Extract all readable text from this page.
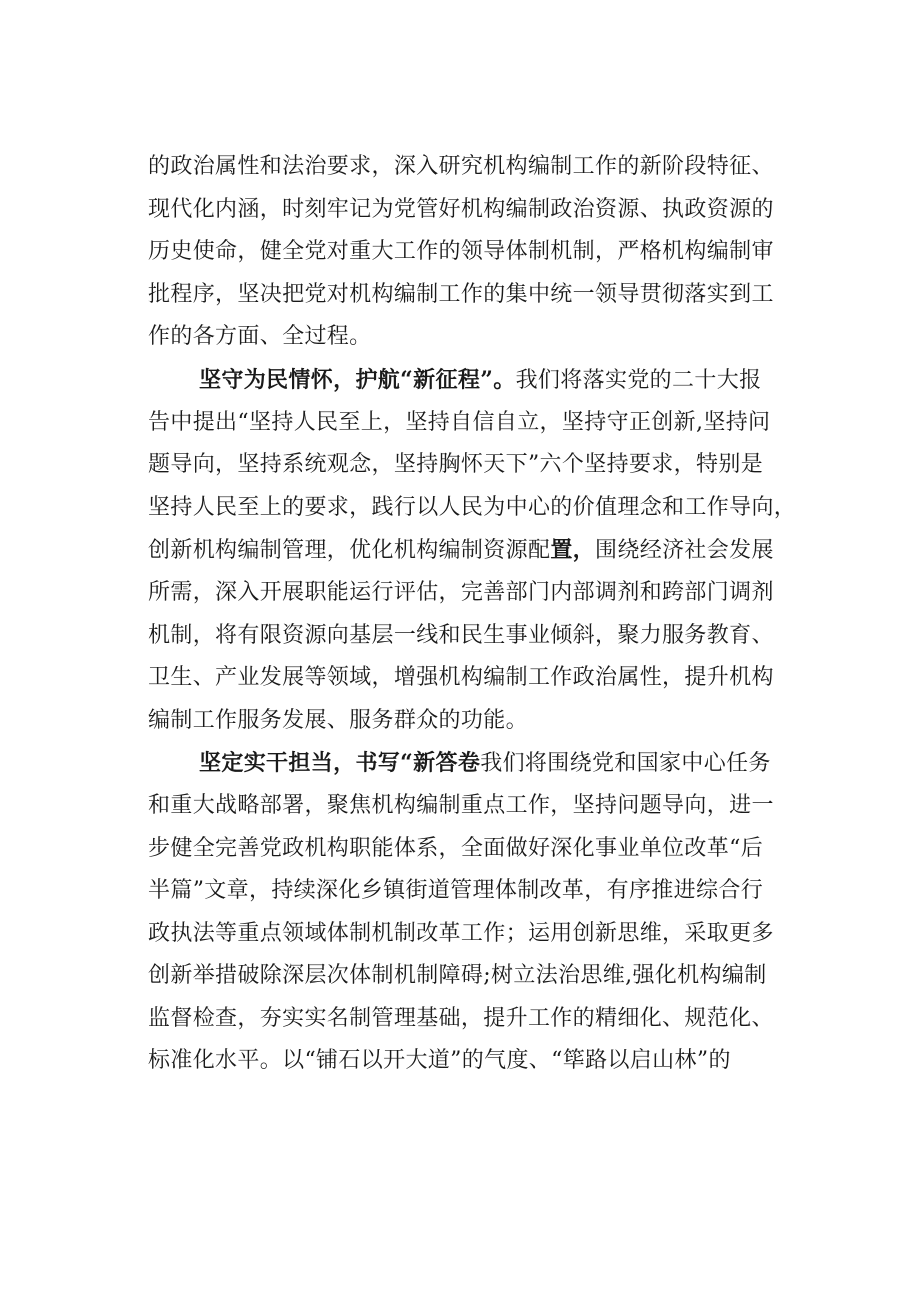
的政治属性和法治要求，深入研究机构编制工作的新阶段特征、
现代化内涵，时刻牢记为党管好机构编制政治资源、执政资源的
历史使命，健全党对重大工作的领导体制机制，严格机构编制审
批程序，坚决把党对机构编制工作的集中统一领导贯彻落实到工
作的各方面、全过程。
坚守为民情怀，护航“新征程”。我们将落实党的二十大报
告中提出“坚持人民至上，坚持自信自立，坚持守正创新,坚持问
题导向，坚持系统观念，坚持胸怀天下”六个坚持要求，特别是
坚持人民至上的要求，践行以人民为中心的价值理念和工作导向，
创新机构编制管理，优化机构编制资源配置，围绕经济社会发展
所需，深入开展职能运行评估，完善部门内部调剂和跨部门调剂
机制，将有限资源向基层一线和民生事业倾斜，聚力服务教育、
卫生、产业发展等领域，增强机构编制工作政治属性，提升机构
编制工作服务发展、服务群众的功能。
坚定实干担当，书写“新答卷我们将围绕党和国家中心任务
和重大战略部署，聚焦机构编制重点工作，坚持问题导向，进一
步健全完善党政机构职能体系，全面做好深化事业单位改革“后
半篇”文章，持续深化乡镇街道管理体制改革，有序推进综合行
政执法等重点领域体制机制改革工作；运用创新思维，采取更多
创新举措破除深层次体制机制障碍;树立法治思维,强化机构编制
监督检查，夯实实名制管理基础，提升工作的精细化、规范化、
标准化水平。以“铺石以开大道”的气度、“筚路以启山林”的
